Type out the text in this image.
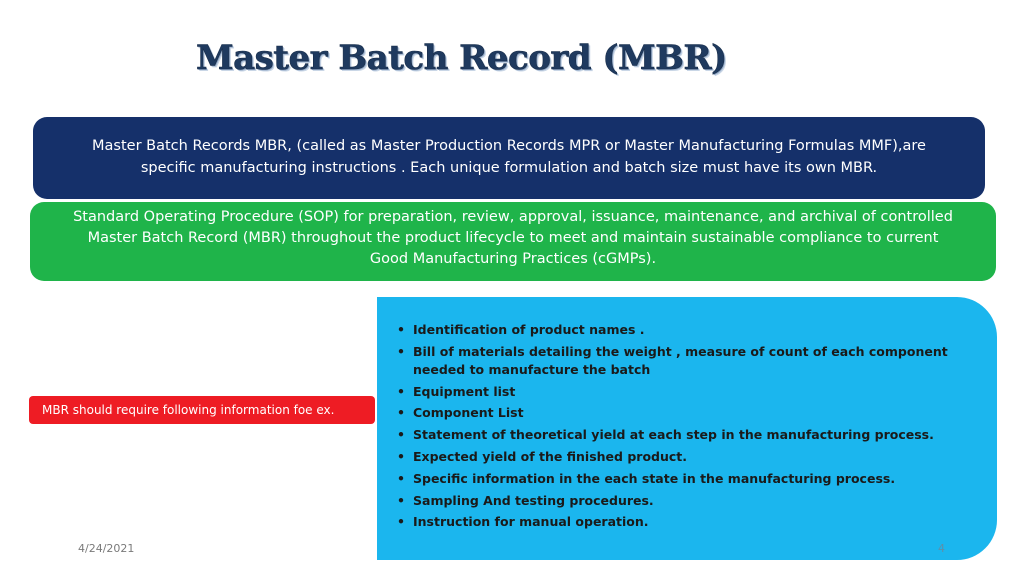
Master Batch Record (MBR)
Master Batch Records MBR, (called as Master Production Records MPR or Master Manufacturing Formulas MMF),are
specific manufacturing instructions . Each unique formulation and batch size must have its own MBR.
Standard Operating Procedure (SOP) for preparation, review, approval, issuance, maintenance, and archival of controlled
Master Batch Record (MBR) throughout the product lifecycle to meet and maintain sustainable compliance to current
Good Manufacturing Practices (cGMPs).
MBR should require following information foe ex.
• Identification of product names .
• Bill of materials detailing the weight , measure of count of each component needed to manufacture the batch
• Equipment list
• Component List
• Statement of theoretical yield at each step in the manufacturing process.
• Expected yield of the finished product.
• Specific information in the each state in the manufacturing process.
• Sampling And testing procedures.
• Instruction for manual operation.
4/24/2021	4
